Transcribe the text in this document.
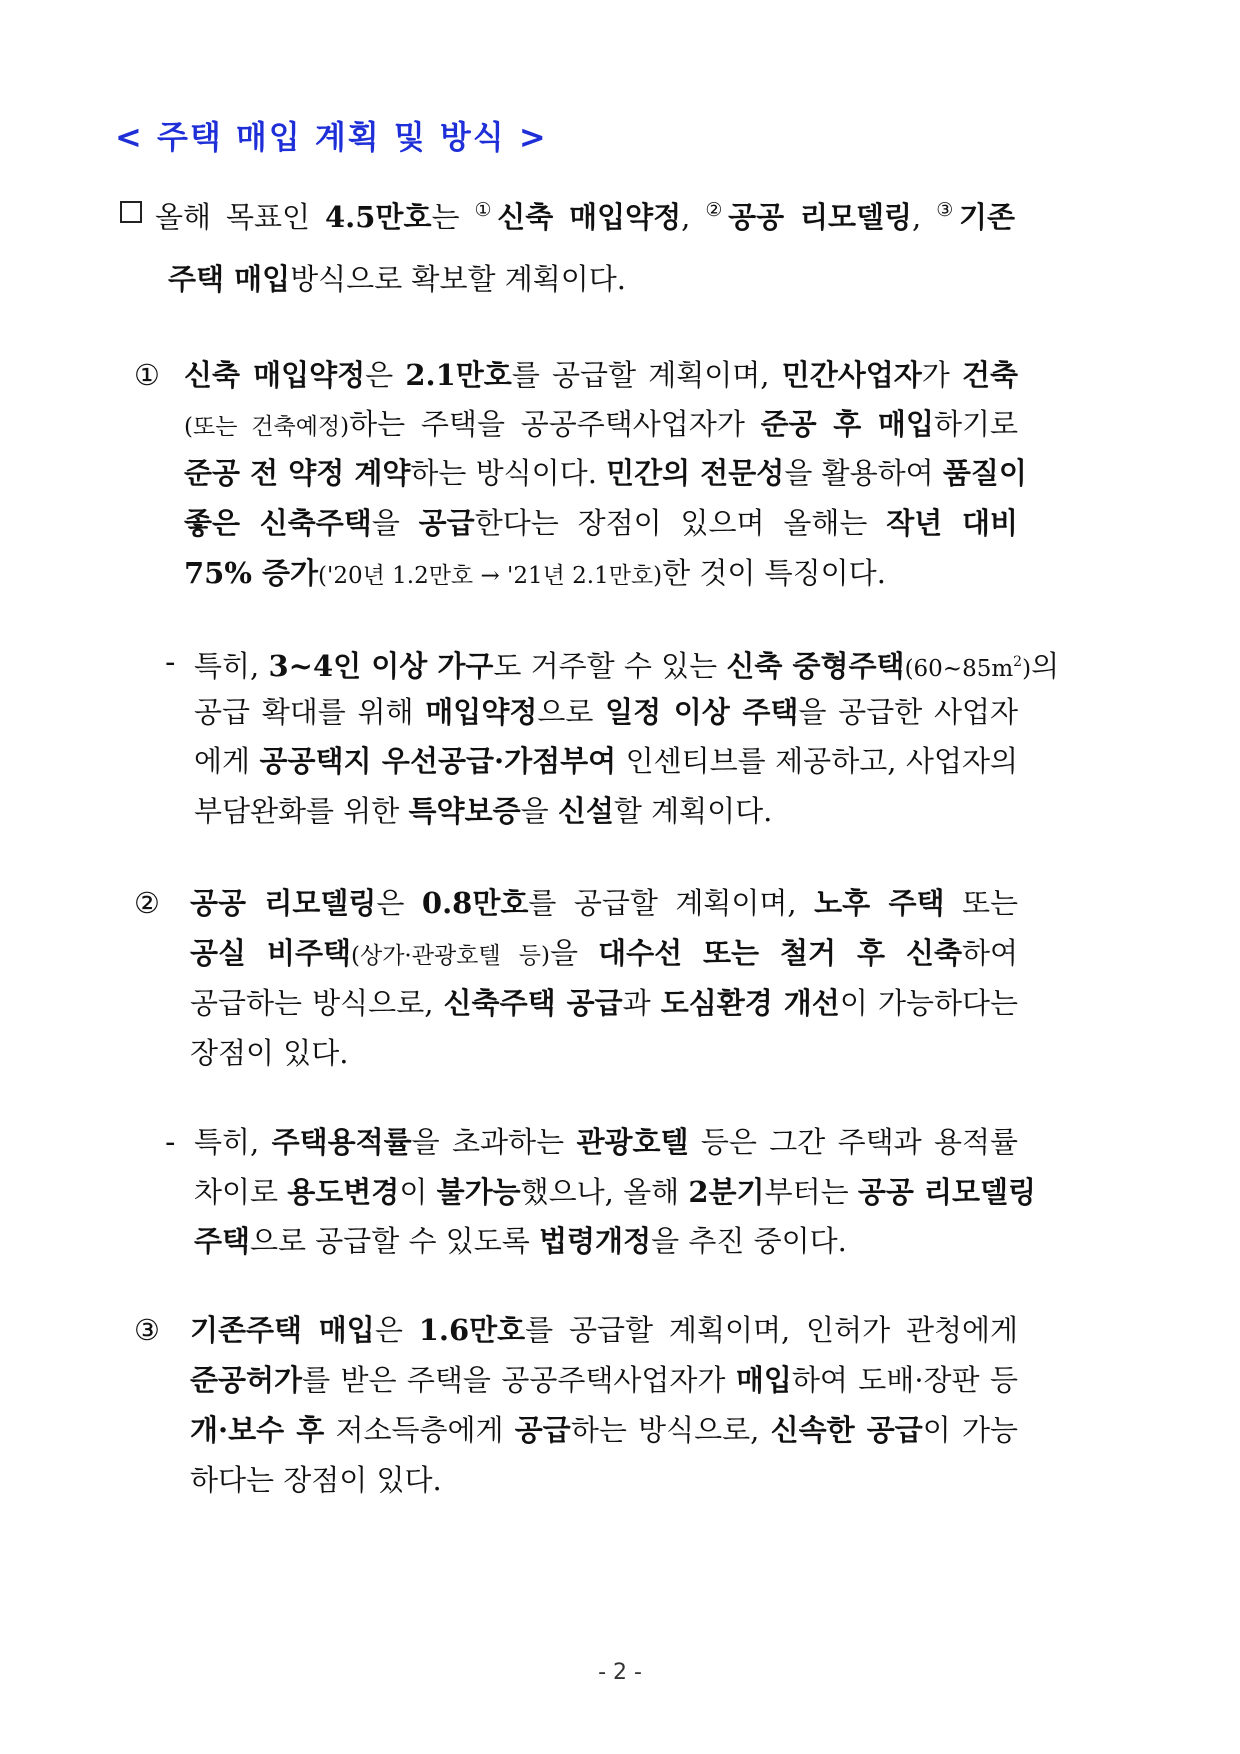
< 주택 매입 계획 및 방식 >
올해 목표인 4.5만호는 ①신축 매입약정, ②공공 리모델링, ③기존
주택 매입방식으로 확보할 계획이다.
① 신축 매입약정은 2.1만호를 공급할 계획이며, 민간사업자가 건축
(또는 건축예정)하는 주택을 공공주택사업자가 준공 후 매입하기로
준공 전 약정 계약하는 방식이다. 민간의 전문성을 활용하여 품질이
좋은 신축주택을 공급한다는 장점이 있으며 올해는 작년 대비
75% 증가('20년 1.2만호 → '21년 2.1만호)한 것이 특징이다.
- 특히, 3~4인 이상 가구도 거주할 수 있는 신축 중형주택$(60\sim 85m^2)$의
공급 확대를 위해 매입약정으로 일정 이상 주택을 공급한 사업자
에게 공공택지 우선공급·가점부여 인센티브를 제공하고, 사업자의
부담완화를 위한 특약보증을 신설할 계획이다.
② 공공 리모델링은 0.8만호를 공급할 계획이며, 노후 주택 또는
공실 비주택(상가·관광호텔 등)을 대수선 또는 철거 후 신축하여
공급하는 방식으로, 신축주택 공급과 도심환경 개선이 가능하다는
장점이 있다.
- 특히, 주택용적률을 초과하는 관광호텔 등은 그간 주택과 용적률
차이로 용도변경이 불가능했으나, 올해 2분기부터는 공공 리모델링
주택으로 공급할 수 있도록 법령개정을 추진 중이다.
③ 기존주택 매입은 1.6만호를 공급할 계획이며, 인허가 관청에게
준공허가를 받은 주택을 공공주택사업자가 매입하여 도배·장판 등
개·보수 후 저소득층에게 공급하는 방식으로, 신속한 공급이 가능
하다는 장점이 있다.
- 2 -
